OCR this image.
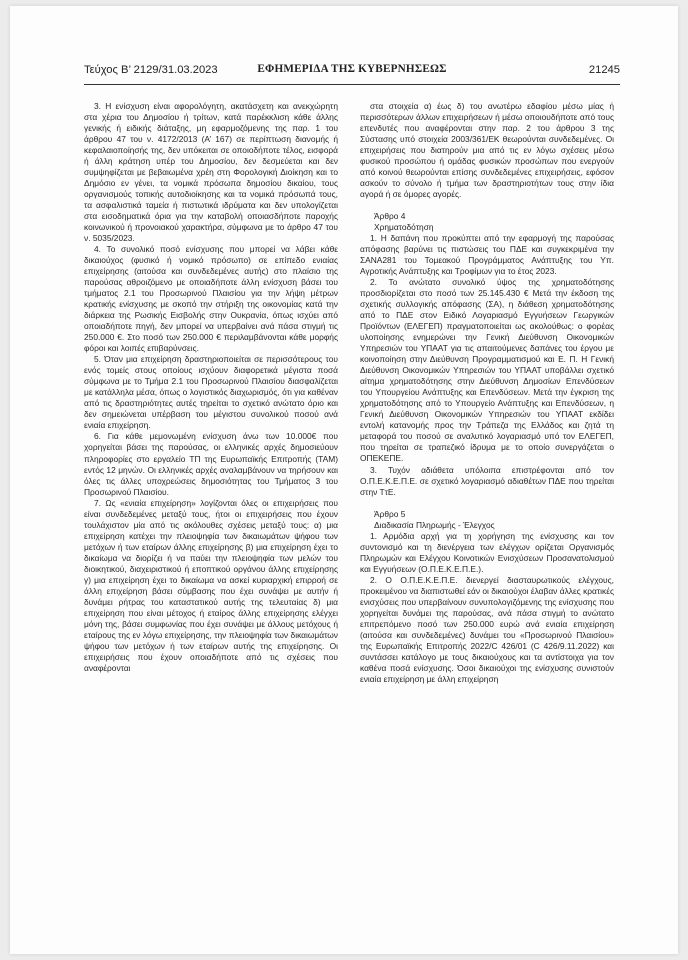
Τεύχος Β’ 2129/31.03.2023	ΕΦΗΜΕΡΙΔΑ ΤΗΣ ΚΥΒΕΡΝΗΣΕΩΣ	21245

3. Η ενίσχυση είναι αφορολόγητη, ακατάσχετη και ανεκχώρητη στα χέρια του Δημοσίου ή τρίτων, κατά παρέκκλιση κάθε άλλης γενικής ή ειδικής διάταξης, μη εφαρμοζόμενης της παρ. 1 του άρθρου 47 του ν. 4172/2013 (Α’ 167) σε περίπτωση διανομής ή κεφαλαιοποίησής της, δεν υπόκειται σε οποιοδήποτε τέλος, εισφορά ή άλλη κράτηση υπέρ του Δημοσίου, δεν δεσμεύεται και δεν συμψηφίζεται με βεβαιωμένα χρέη στη Φορολογική Διοίκηση και το Δημόσιο εν γένει, τα νομικά πρόσωπα δημοσίου δικαίου, τους οργανισμούς τοπικής αυτοδιοίκησης και τα νομικά πρόσωπά τους, τα ασφαλιστικά ταμεία ή πιστωτικά ιδρύματα και δεν υπολογίζεται στα εισοδηματικά όρια για την καταβολή οποιασδήποτε παροχής κοινωνικού ή προνοιακού χαρακτήρα, σύμφωνα με το άρθρο 47 του ν. 5035/2023.

4. Το συνολικό ποσό ενίσχυσης που μπορεί να λάβει κάθε δικαιούχος (φυσικό ή νομικό πρόσωπο) σε επίπεδο ενιαίας επιχείρησης (αιτούσα και συνδεδεμένες αυτής) στο πλαίσιο της παρούσας αθροιζόμενο με οποιαδήποτε άλλη ενίσχυση βάσει του τμήματος 2.1 του Προσωρινού Πλαισίου για την λήψη μέτρων κρατικής ενίσχυσης με σκοπό την στήριξη της οικονομίας κατά την διάρκεια της Ρωσικής Εισβολής στην Ουκρανία, όπως ισχύει από οποιαδήποτε πηγή, δεν μπορεί να υπερβαίνει ανά πάσα στιγμή τις 250.000 €. Στο ποσό των 250.000 € περιλαμβάνονται κάθε μορφής φόροι και λοιπές επιβαρύνσεις.

5. Όταν μια επιχείρηση δραστηριοποιείται σε περισσότερους του ενός τομείς στους οποίους ισχύουν διαφορετικά μέγιστα ποσά σύμφωνα με το Τμήμα 2.1 του Προσωρινού Πλαισίου διασφαλίζεται με κατάλληλα μέσα, όπως ο λογιστικός διαχωρισμός, ότι για καθέναν από τις δραστηριότητες αυτές τηρείται το σχετικό ανώτατο όριο και δεν σημειώνεται υπέρβαση του μέγιστου συνολικού ποσού ανά ενιαία επιχείρηση.

6. Για κάθε μεμονωμένη ενίσχυση άνω των 10.000€ που χορηγείται βάσει της παρούσας, οι ελληνικές αρχές δημοσιεύουν πληροφορίες στο εργαλείο TΠ της Ευρωπαϊκής Επιτροπής (ΤΑΜ) εντός 12 μηνών. Οι ελληνικές αρχές αναλαμβάνουν να τηρήσουν και όλες τις άλλες υποχρεώσεις δημοσιότητας του Τμήματος 3 του Προσωρινού Πλαισίου.

7. Ως «ενιαία επιχείρηση» λογίζονται όλες οι επιχειρήσεις που είναι συνδεδεμένες μεταξύ τους, ήτοι οι επιχειρήσεις που έχουν τουλάχιστον μία από τις ακόλουθες σχέσεις μεταξύ τους: α) μια επιχείρηση κατέχει την πλειοψηφία των δικαιωμάτων ψήφου των μετόχων ή των εταίρων άλλης επιχείρησης β) μια επιχείρηση έχει το δικαίωμα να διορίζει ή να παύει την πλειοψηφία των μελών του διοικητικού, διαχειριστικού ή εποπτικού οργάνου άλλης επιχείρησης γ) μια επιχείρηση έχει το δικαίωμα να ασκεί κυριαρχική επιρροή σε άλλη επιχείρηση βάσει σύμβασης που έχει συνάψει με αυτήν ή δυνάμει ρήτρας του καταστατικού αυτής της τελευταίας δ) μια επιχείρηση που είναι μέτοχος ή εταίρος άλλης επιχείρησης ελέγχει μόνη της, βάσει συμφωνίας που έχει συνάψει με άλλους μετόχους ή εταίρους της εν λόγω επιχείρησης, την πλειοψηφία των δικαιωμάτων ψήφου των μετόχων ή των εταίρων αυτής της επιχείρησης. Οι επιχειρήσεις που έχουν οποιαδήποτε από τις σχέσεις που αναφέρονται

στα στοιχεία α) έως δ) του ανωτέρω εδαφίου μέσω μίας ή περισσότερων άλλων επιχειρήσεων ή μέσω οποιουδήποτε από τους επενδυτές που αναφέρονται στην παρ. 2 του άρθρου 3 της Σύστασης υπό στοιχεία 2003/361/ΕΚ θεωρούνται συνδεδεμένες. Οι επιχειρήσεις που διατηρούν μια από τις εν λόγω σχέσεις μέσω φυσικού προσώπου ή ομάδας φυσικών προσώπων που ενεργούν από κοινού θεωρούνται επίσης συνδεδεμένες επιχειρήσεις, εφόσον ασκούν το σύνολο ή τμήμα των δραστηριοτήτων τους στην ίδια αγορά ή σε όμορες αγορές.

Άρθρο 4

Χρηματοδότηση

1. Η δαπάνη που προκύπτει από την εφαρμογή της παρούσας απόφασης βαρύνει τις πιστώσεις του ΠΔΕ και συγκεκριμένα την ΣΑΝΑ281 του Τομεακού Προγράμματος Ανάπτυξης του Υπ. Αγροτικής Ανάπτυξης και Τροφίμων για το έτος 2023.

2. Το ανώτατο συνολικό ύψος της χρηματοδότησης προσδιορίζεται στο ποσό των 25.145.430 € Μετά την έκδοση της σχετικής συλλογικής απόφασης (ΣΑ), η διάθεση χρηματοδότησης από το ΠΔΕ στον Ειδικό Λογαριασμό Εγγυήσεων Γεωργικών Προϊόντων (ΕΛΕΓΕΠ) πραγματοποιείται ως ακολούθως: ο φορέας υλοποίησης ενημερώνει την Γενική Διεύθυνση Οικονομικών Υπηρεσιών του ΥΠΑΑΤ για τις απαιτούμενες δαπάνες του έργου με κοινοποίηση στην Διεύθυνση Προγραμματισμού και Ε. Π. Η Γενική Διεύθυνση Οικονομικών Υπηρεσιών του ΥΠΑΑΤ υποβάλλει σχετικό αίτημα χρηματοδότησης στην Διεύθυνση Δημοσίων Επενδύσεων του Υπουργείου Ανάπτυξης και Επενδύσεων. Μετά την έγκριση της χρηματοδότησης από το Υπουργείο Ανάπτυξης και Επενδύσεων, η Γενική Διεύθυνση Οικονομικών Υπηρεσιών του ΥΠΑΑΤ εκδίδει εντολή κατανομής προς την Τράπεζα της Ελλάδος και ζητά τη μεταφορά του ποσού σε αναλυτικό λογαριασμό υπό τον ΕΛΕΓΕΠ, που τηρείται σε τραπεζικό ίδρυμα με το οποίο συνεργάζεται ο ΟΠΕΚΕΠΕ.

3. Τυχόν αδιάθετα υπόλοιπα επιστρέφονται από τον Ο.Π.Ε.Κ.Ε.Π.Ε. σε σχετικό λογαριασμό αδιαθέτων ΠΔΕ που τηρείται στην ΤτΕ.

Άρθρο 5

Διαδικασία Πληρωμής - Έλεγχος

1. Αρμόδια αρχή για τη χορήγηση της ενίσχυσης και τον συντονισμό και τη διενέργεια των ελέγχων ορίζεται Οργανισμός Πληρωμών και Ελέγχου Κοινοτικών Ενισχύσεων Προσανατολισμού και Εγγυήσεων (Ο.Π.Ε.Κ.Ε.Π.Ε.).

2. Ο Ο.Π.Ε.Κ.Ε.Π.Ε. διενεργεί διασταυρωτικούς ελέγχους, προκειμένου να διαπιστωθεί εάν οι δικαιούχοι έλαβαν άλλες κρατικές ενισχύσεις που υπερβαίνουν συνυπολογιζόμενης της ενίσχυσης που χορηγείται δυνάμει της παρούσας, ανά πάσα στιγμή το ανώτατο επιτρεπόμενο ποσό των 250.000 ευρώ ανά ενιαία επιχείρηση (αιτούσα και συνδεδεμένες) δυνάμει του «Προσωρινού Πλαισίου» της Ευρωπαϊκής Επιτροπής 2022/C 426/01 (C 426/9.11.2022) και συντάσσει κατάλογο με τους δικαιούχους και τα αντίστοιχα για τον καθένα ποσά ενίσχυσης. Όσοι δικαιούχοι της ενίσχυσης συνιστούν ενιαία επιχείρηση με άλλη επιχείρηση
